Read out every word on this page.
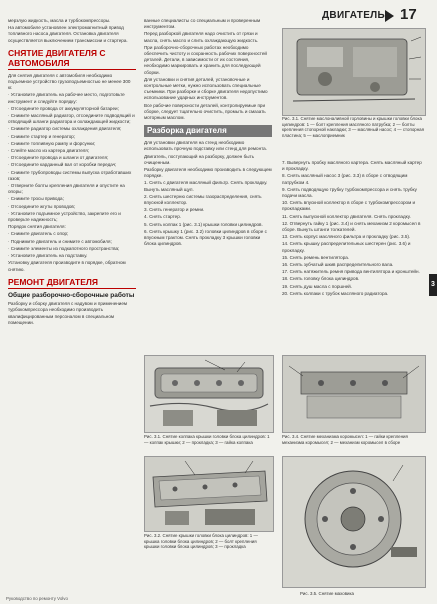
ДВИГАТЕЛЬ 17

мерзлую жидкость, масла и турбокомпрессоры.

На автомобиле установлен электромагнитный привод топливного насоса двигателя. Остановка двигателя осуществляется выключением трансмиссии и стартера.

СНЯТИЕ ДВИГАТЕЛЯ С АВТОМОБИЛЯ

Для снятия двигателя с автомобиля необходимо подъемное устройство грузоподъемностью не менее 300 кг.

· Установите двигатель на рабочее место, подготовьте инструмент и следуйте порядку:

· Отсоедините провода от аккумуляторной батареи;

· Снимите масляный радиатор, отсоедините подводящий и отводящий шланги радиатора и охлаждающей жидкости;

· Снимите радиатор системы охлаждения двигателя;

· Снимите стартер и генератор;

· Снимите топливную рампу и форсунки;

· Слейте масло из картера двигателя;

· Отсоедините провода и шланги от двигателя;

· Отсоедините карданный вал от коробки передач;

· Снимите трубопроводы системы выпуска отработавших газов;

· Отверните болты крепления двигателя и опустите на опоры;

· Снимите тросы привода;

· Отсоедините жгуты проводов;

· Установите подъемное устройство, закрепите его и проверьте надежность;

Порядок снятия двигателя:

· Снимите двигатель с опор;

· Поднимите двигатель и снимите с автомобиля;

· Снимите элементы из подкапотного пространства;

· Установите двигатель на подставку.

Установку двигателя производите в порядке, обратном снятию.

РЕМОНТ ДВИГАТЕЛЯ
Общие разборочно-сборочные работы

Разборку и сборку двигателя с надувом и применением турбокомпрессора необходимо производить квалифицированным персоналом в специальном помещении.

ванные специалисты со специальным и проверенным инструментом.

Перед разборкой двигателя надо очистить от грязи и масла, снять масло и слить охлаждающую жидкость.

При разборочно-сборочных работах необходимо обеспечить чистоту и сохранность рабочих поверхностей деталей. Детали, в зависимости от их состояния, необходимо маркировать и хранить для последующей сборки.

Для установки и снятия деталей, установочные и контрольные метки, нужно использовать специальные съемники. При разборке и сборке двигателя недопустимо использование ударных инструментов.

Все рабочие поверхности деталей, контролируемые при сборке, следует тщательно очистить, промыть и смазать моторным маслом.

Разборка двигателя

Для установки двигателя на стенд необходимо использовать прочную подставку или стенд для ремонта.

Двигатель, поступающий на разборку, должен быть очищенным.

Разборку двигателя необходимо производить в следующем порядке.

1. Снять с двигателя масляный фильтр. Снять прокладку. Вынуть масляный щуп.

2. Снять шестерню системы газораспределения, снять впускной коллектор.

3. Снять генератор и ремни.

4. Снять стартер.

5. Снять колпак 1 (рис. 3.1) крышки головки цилиндров.

6. Снять крышку 1 (рис. 3.2) головки цилиндров в сборе с впускным трактом. Снять прокладку 3 крышки головки блока цилиндров.

Рис. 3.1. Снятие колпака крышки головки блока цилиндров: 1 — колпак крышки; 2 — прокладка; 3 — гайка колпака
Рис. 3.2. Снятие крышки головки блока цилиндров: 1 — крышка головки блока цилиндров; 2 — болт крепления крышки головки блока цилиндров; 3 — прокладка
Рис. 3.1. Снятие маслоналивной горловины и крышки головки блока цилиндров: 1 — болт крепления масляного патрубка; 2 — болты крепления стопорной накладки; 3 — масляный насос; 4 — стопорная пластина; 5 — маслоприемник

7. Вывернуть пробку масляного картера. Снять масляный картер и прокладку.

8. Снять масляный насос 3 (рис. 3.3) в сборе с отводящим патрубком 4.

9. Снять подводящую трубку турбокомпрессора и снять трубку подачи масла.

10. Снять впускной коллектор в сборе с турбокомпрессором и прокладками.

11. Снять выпускной коллектор двигателя. Снять прокладку.

12. Отвернуть гайку 1 (рис. 3.4) и снять механизм 2 коромысел в сборе. Вынуть штанги толкателей.

13. Снять корпус масляного фильтра и прокладку (рис. 3.5).

14. Снять крышку распределительных шестерен (рис. 3.6) и прокладку.

15. Снять ремень вентилятора.

16. Снять зубчатый шкив распределительного вала.

17. Снять натяжитель ремня привода вентилятора и кронштейн.

18. Снять головку блока цилиндров.

19. Снять душ масла с поршней.

20. Снять колпаки с трубок масляного радиатора.

Рис. 3.4. Снятие механизма коромысел: 1 — гайки крепления механизма коромысел; 2 — механизм коромысел в сборе
Рис. 3.5. Снятие маховика
3
Руководство по ремонту Volvo
